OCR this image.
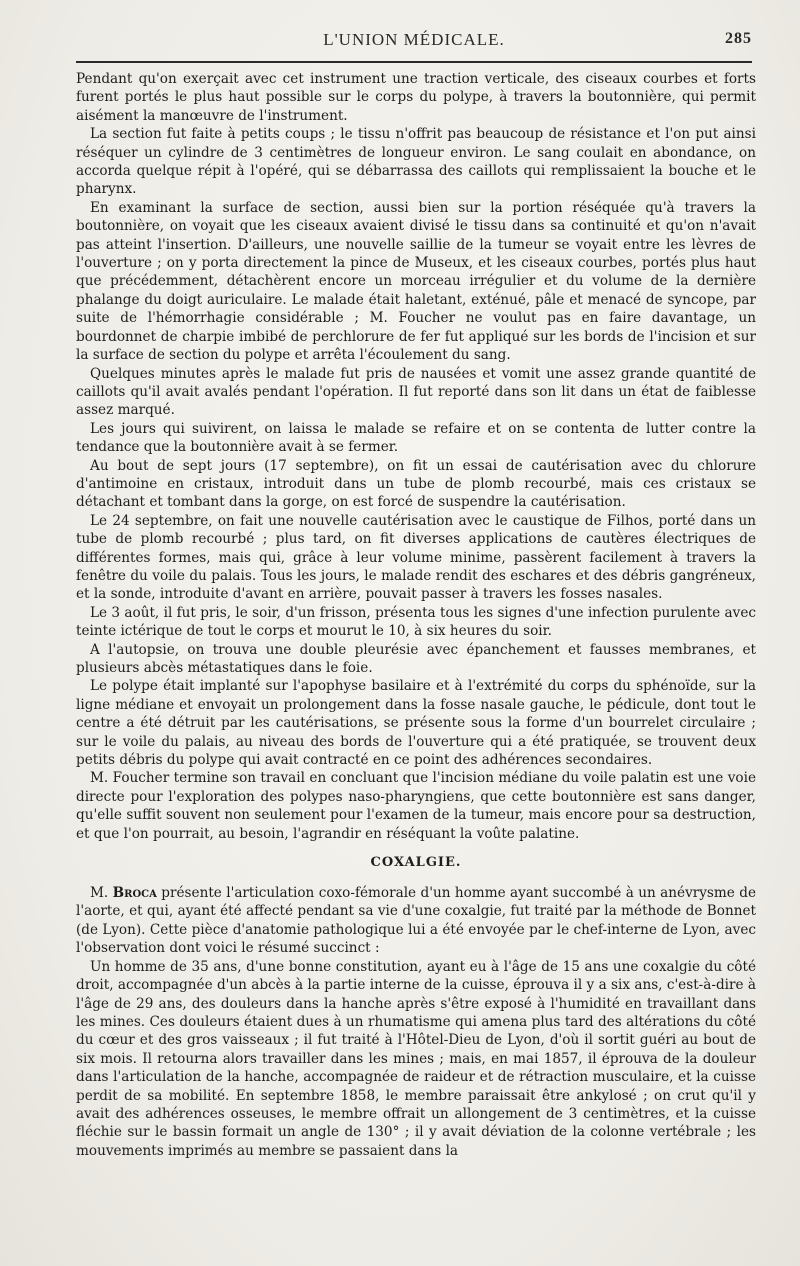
L'UNION MÉDICALE.	285

Pendant qu'on exerçait avec cet instrument une traction verticale, des ciseaux courbes et forts furent portés le plus haut possible sur le corps du polype, à travers la boutonnière, qui permit aisément la manœuvre de l'instrument.

La section fut faite à petits coups ; le tissu n'offrit pas beaucoup de résistance et l'on put ainsi réséquer un cylindre de 3 centimètres de longueur environ. Le sang coulait en abondance, on accorda quelque répit à l'opéré, qui se débarrassa des caillots qui remplissaient la bouche et le pharynx.

En examinant la surface de section, aussi bien sur la portion réséquée qu'à travers la boutonnière, on voyait que les ciseaux avaient divisé le tissu dans sa continuité et qu'on n'avait pas atteint l'insertion. D'ailleurs, une nouvelle saillie de la tumeur se voyait entre les lèvres de l'ouverture ; on y porta directement la pince de Museux, et les ciseaux courbes, portés plus haut que précédemment, détachèrent encore un morceau irrégulier et du volume de la dernière phalange du doigt auriculaire. Le malade était haletant, exténué, pâle et menacé de syncope, par suite de l'hémorrhagie considérable ; M. Foucher ne voulut pas en faire davantage, un bourdonnet de charpie imbibé de perchlorure de fer fut appliqué sur les bords de l'incision et sur la surface de section du polype et arrêta l'écoulement du sang.

Quelques minutes après le malade fut pris de nausées et vomit une assez grande quantité de caillots qu'il avait avalés pendant l'opération. Il fut reporté dans son lit dans un état de faiblesse assez marqué.

Les jours qui suivirent, on laissa le malade se refaire et on se contenta de lutter contre la tendance que la boutonnière avait à se fermer.

Au bout de sept jours (17 septembre), on fit un essai de cautérisation avec du chlorure d'antimoine en cristaux, introduit dans un tube de plomb recourbé, mais ces cristaux se détachant et tombant dans la gorge, on est forcé de suspendre la cautérisation.

Le 24 septembre, on fait une nouvelle cautérisation avec le caustique de Filhos, porté dans un tube de plomb recourbé ; plus tard, on fit diverses applications de cautères électriques de différentes formes, mais qui, grâce à leur volume minime, passèrent facilement à travers la fenêtre du voile du palais. Tous les jours, le malade rendit des eschares et des débris gangréneux, et la sonde, introduite d'avant en arrière, pouvait passer à travers les fosses nasales.

Le 3 août, il fut pris, le soir, d'un frisson, présenta tous les signes d'une infection purulente avec teinte ictérique de tout le corps et mourut le 10, à six heures du soir.

A l'autopsie, on trouva une double pleurésie avec épanchement et fausses membranes, et plusieurs abcès métastatiques dans le foie.

Le polype était implanté sur l'apophyse basilaire et à l'extrémité du corps du sphénoïde, sur la ligne médiane et envoyait un prolongement dans la fosse nasale gauche, le pédicule, dont tout le centre a été détruit par les cautérisations, se présente sous la forme d'un bourrelet circulaire ; sur le voile du palais, au niveau des bords de l'ouverture qui a été pratiquée, se trouvent deux petits débris du polype qui avait contracté en ce point des adhérences secondaires.

M. Foucher termine son travail en concluant que l'incision médiane du voile palatin est une voie directe pour l'exploration des polypes naso-pharyngiens, que cette boutonnière est sans danger, qu'elle suffit souvent non seulement pour l'examen de la tumeur, mais encore pour sa destruction, et que l'on pourrait, au besoin, l'agrandir en réséquant la voûte palatine.

COXALGIE.

M. Broca présente l'articulation coxo-fémorale d'un homme ayant succombé à un anévrysme de l'aorte, et qui, ayant été affecté pendant sa vie d'une coxalgie, fut traité par la méthode de Bonnet (de Lyon). Cette pièce d'anatomie pathologique lui a été envoyée par le chef-interne de Lyon, avec l'observation dont voici le résumé succinct :

Un homme de 35 ans, d'une bonne constitution, ayant eu à l'âge de 15 ans une coxalgie du côté droit, accompagnée d'un abcès à la partie interne de la cuisse, éprouva il y a six ans, c'est-à-dire à l'âge de 29 ans, des douleurs dans la hanche après s'être exposé à l'humidité en travaillant dans les mines. Ces douleurs étaient dues à un rhumatisme qui amena plus tard des altérations du côté du cœur et des gros vaisseaux ; il fut traité à l'Hôtel-Dieu de Lyon, d'où il sortit guéri au bout de six mois. Il retourna alors travailler dans les mines ; mais, en mai 1857, il éprouva de la douleur dans l'articulation de la hanche, accompagnée de raideur et de rétraction musculaire, et la cuisse perdit de sa mobilité. En septembre 1858, le membre paraissait être ankylosé ; on crut qu'il y avait des adhérences osseuses, le membre offrait un allongement de 3 centimètres, et la cuisse fléchie sur le bassin formait un angle de 130° ; il y avait déviation de la colonne vertébrale ; les mouvements imprimés au membre se passaient dans la
